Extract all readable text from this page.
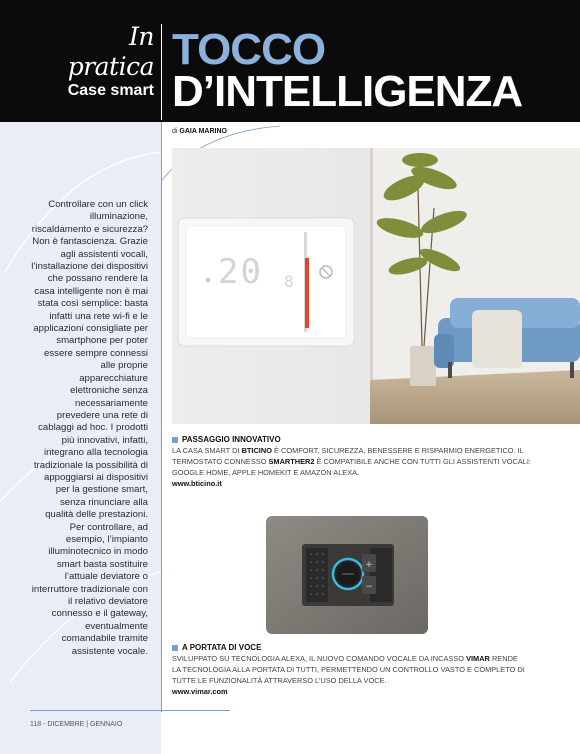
In pratica
Case smart
TOCCO
D’INTELLIGENZA
di GAIA MARINO
Controllare con un click illuminazione, riscaldamento e sicurezza? Non è fantascienza. Grazie agli assistenti vocali, l’installazione dei dispositivi che possano rendere la casa intelligente non è mai stata così semplice: basta infatti una rete wi-fi e le applicazioni consigliate per smartphone per poter essere sempre connessi alle proprie apparecchiature elettroniche senza necessariamente prevedere una rete di cablaggi ad hoc. I prodotti più innovativi, infatti, integrano alla tecnologia tradizionale la possibilità di appoggiarsi ai dispositivi per la gestione smart, senza rinunciare alla qualità delle prestazioni. Per controllare, ad esempio, l’impianto illuminotecnico in modo smart basta sostituire l’attuale deviatore o interruttore tradizionale con il relativo deviatore connesso e il gateway, eventualmente comandabile tramite assistente vocale.
20 8
PASSAGGIO INNOVATIVO
LA CASA SMART DI BTICINO È COMFORT, SICUREZZA, BENESSERE E RISPARMIO ENERGETICO. IL TERMOSTATO CONNESSO SMARTHER2 È COMPATIBILE ANCHE CON TUTTI GLI ASSISTENTI VOCALI: GOOGLE HOME, APPLE HOMEKIT E AMAZON ALEXA.
www.bticino.it
+
−
A PORTATA DI VOCE
SVILUPPATO SU TECNOLOGIA ALEXA, IL NUOVO COMANDO VOCALE DA INCASSO VIMAR RENDE LA TECNOLOGIA ALLA PORTATA DI TUTTI, PERMETTENDO UN CONTROLLO VASTO E COMPLETO DI TUTTE LE FUNZIONALITÀ ATTRAVERSO L’USO DELLA VOCE.
www.vimar.com
118 - DICEMBRE | GENNAIO
